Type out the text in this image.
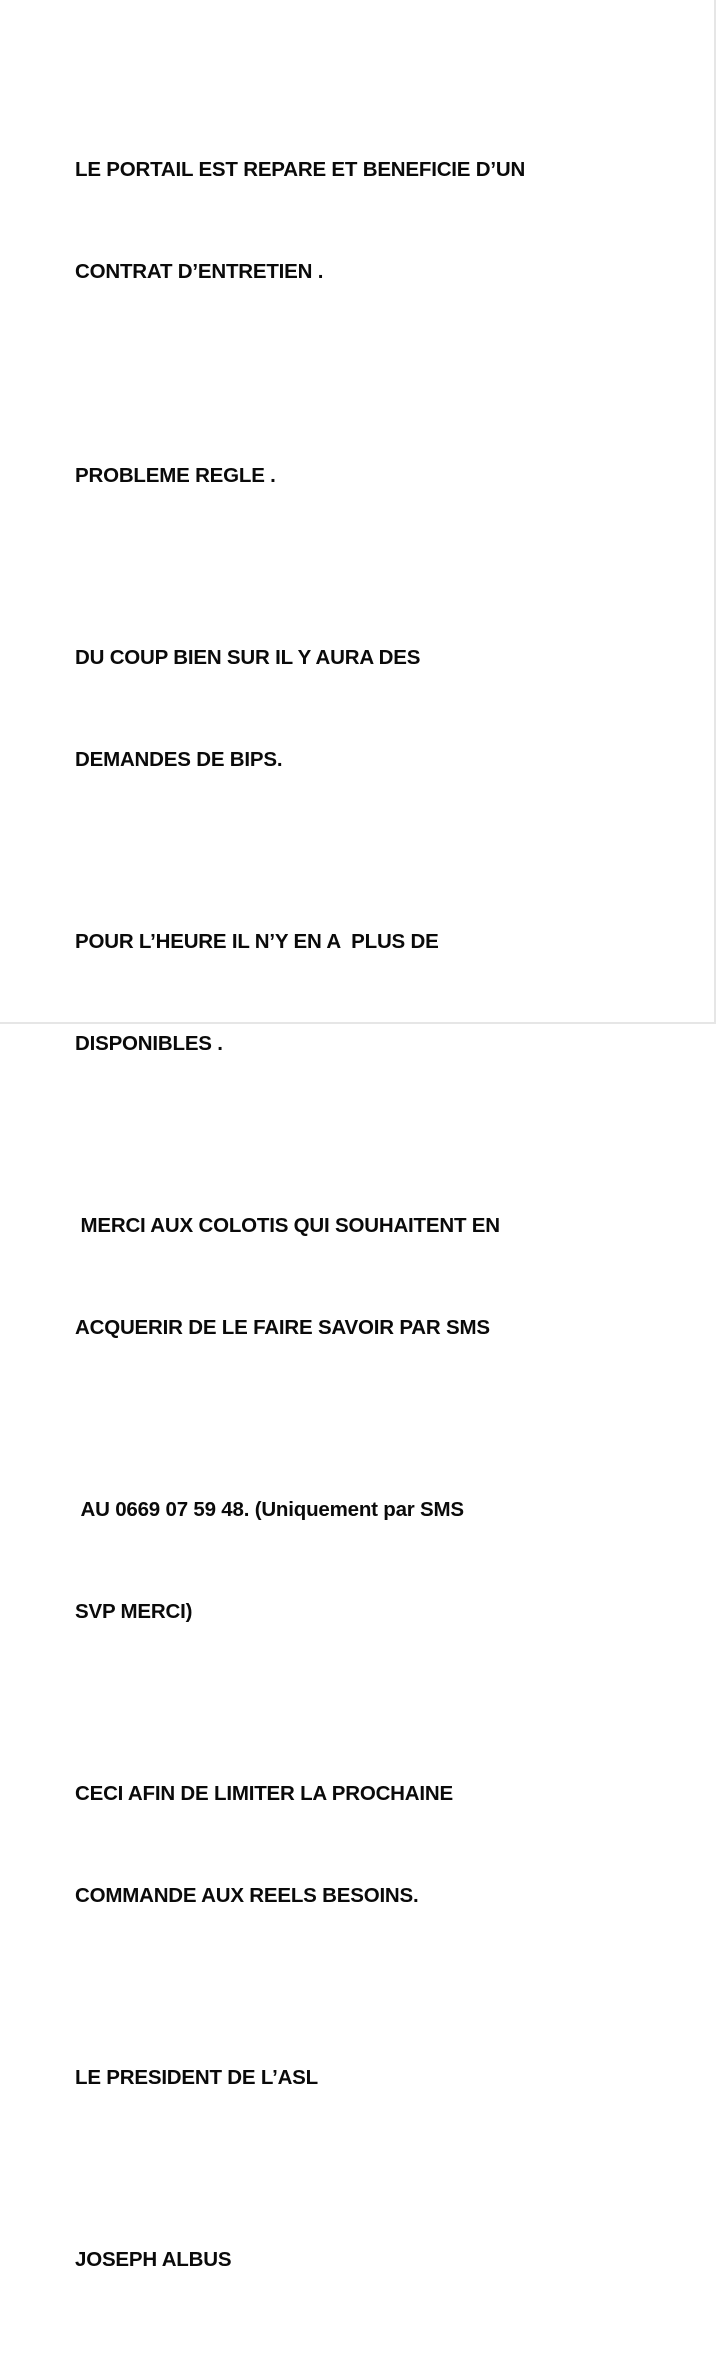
LE PORTAIL EST REPARE ET BENEFICIE D’UN

CONTRAT D’ENTRETIEN .

PROBLEME REGLE .

DU COUP BIEN SUR IL Y AURA DES

DEMANDES DE BIPS.

POUR L’HEURE IL N’Y EN A  PLUS DE

DISPONIBLES .

MERCI AUX COLOTIS QUI SOUHAITENT EN

ACQUERIR DE LE FAIRE SAVOIR PAR SMS

AU 0669 07 59 48. (Uniquement par SMS

SVP MERCI)

CECI AFIN DE LIMITER LA PROCHAINE

COMMANDE AUX REELS BESOINS.

LE PRESIDENT DE L’ASL

JOSEPH ALBUS
